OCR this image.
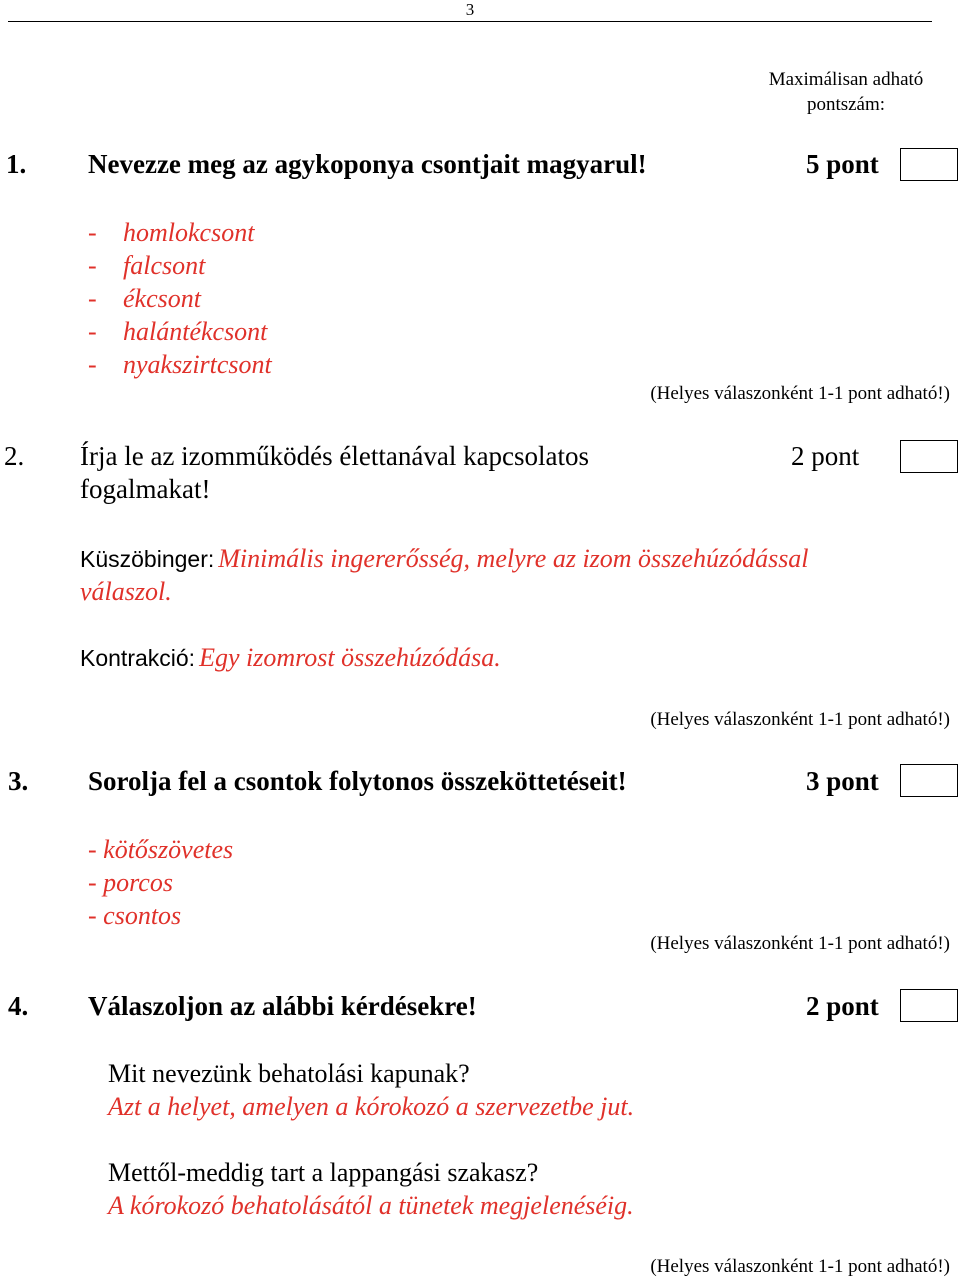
3
Maximálisan adható pontszám:
1. Nevezze meg az agykoponya csontjait magyarul!	5 pont
- homlokcsont
- falcsont
- ékcsont
- halántékcsont
- nyakszirtcsont
(Helyes válaszonként 1-1 pont adható!)
2. Írja le az izomműködés élettanával kapcsolatos
fogalmakat!
2 pont
Küszöbinger: Minimális ingererősség, melyre az izom összehúzódással
válaszol.
Kontrakció: Egy izomrost összehúzódása.
(Helyes válaszonként 1-1 pont adható!)
3. Sorolja fel a csontok folytonos összeköttetéseit!	3 pont
- kötőszövetes
- porcos
- csontos
(Helyes válaszonként 1-1 pont adható!)
4. Válaszoljon az alábbi kérdésekre!	2 pont
Mit nevezünk behatolási kapunak?
Azt a helyet, amelyen a kórokozó a szervezetbe jut.
Mettől-meddig tart a lappangási szakasz?
A kórokozó behatolásától a tünetek megjelenéséig.
(Helyes válaszonként 1-1 pont adható!)
